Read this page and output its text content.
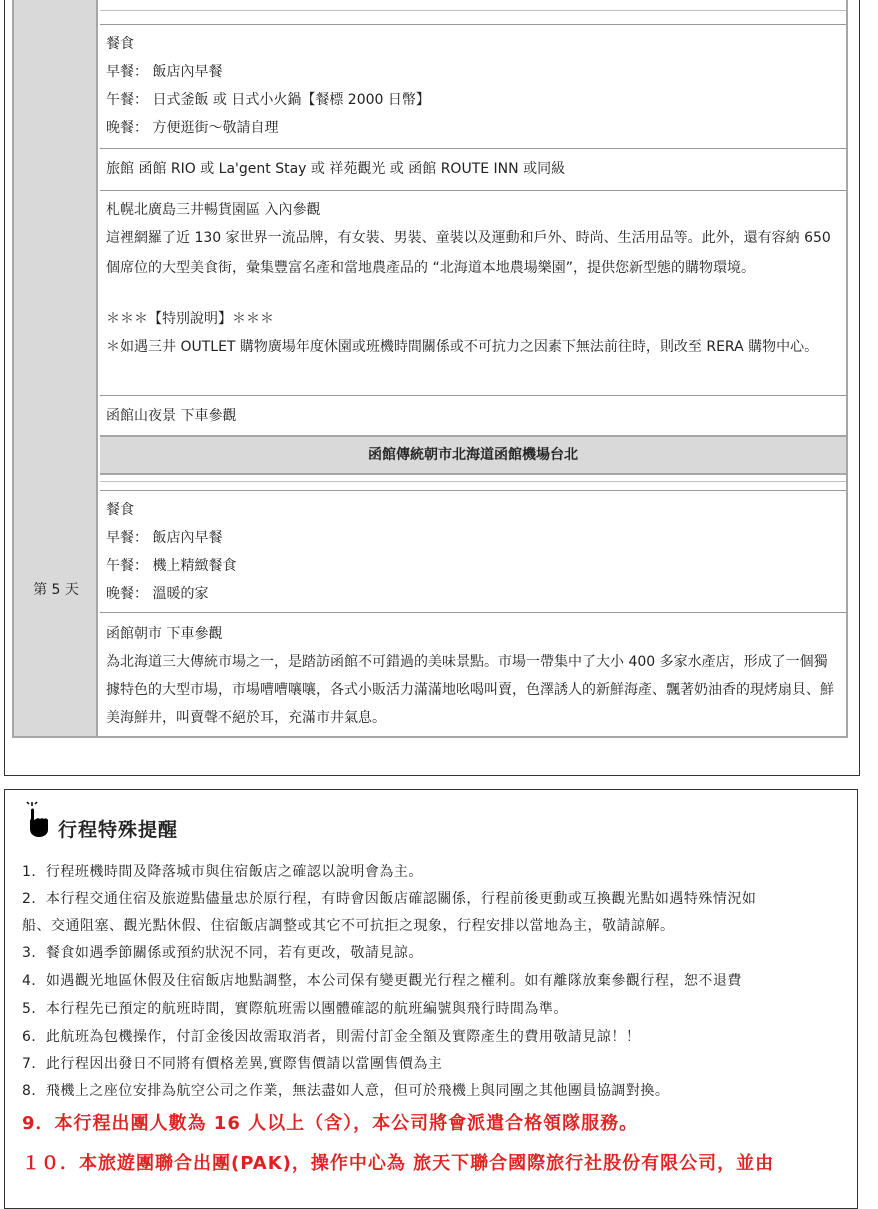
第 5 天
餐食
早餐： 飯店內早餐
午餐： 日式釜飯 或 日式小火鍋【餐標 2000 日幣】
晚餐： 方便逛街～敬請自理
旅館 函館 RIO 或 La'gent Stay 或 祥苑觀光 或 函館 ROUTE INN 或同級
札幌北廣島三井暢貨園區 入內參觀
這裡網羅了近 130 家世界一流品牌，有女裝、男裝、童裝以及運動和戶外、時尚、生活用品等。此外，還有容納 650 個席位的大型美食街，彙集豐富名產和當地農產品的 “北海道本地農場樂園”，提供您新型態的購物環境。
＊＊＊【特別說明】＊＊＊
＊如遇三井 OUTLET 購物廣場年度休園或班機時間關係或不可抗力之因素下無法前往時，則改至 RERA 購物中心。
函館山夜景 下車參觀
函館傳統朝市北海道函館機場台北
餐食
早餐： 飯店內早餐
午餐： 機上精緻餐食
晚餐： 溫暖的家
函館朝市 下車參觀
為北海道三大傳統市場之一，是踏訪函館不可錯過的美味景點。市場一帶集中了大小 400 多家水產店，形成了一個獨據特色的大型市場，市場嘈嘈嚷嚷，各式小販活力滿滿地吆喝叫賣，色澤誘人的新鮮海產、飄著奶油香的現烤扇貝、鮮美海鮮井，叫賣聲不絕於耳，充滿市井氣息。
行程特殊提醒
1．行程班機時間及降落城市與住宿飯店之確認以說明會為主。
2．本行程交通住宿及旅遊點儘量忠於原行程，有時會因飯店確認關係，行程前後更動或互換觀光點如遇特殊情況如
船、交通阻塞、觀光點休假、住宿飯店調整或其它不可抗拒之現象，行程安排以當地為主，敬請諒解。
3．餐食如遇季節關係或預約狀況不同，若有更改，敬請見諒。
4．如遇觀光地區休假及住宿飯店地點調整，本公司保有變更觀光行程之權利。如有離隊放棄參觀行程，恕不退費
5．本行程先已預定的航班時間，實際航班需以團體確認的航班編號與飛行時間為準。
6．此航班為包機操作，付訂金後因故需取消者，則需付訂金全額及實際產生的費用敬請見諒！！
7．此行程因出發日不同將有價格差異,實際售價請以當團售價為主
8．飛機上之座位安排為航空公司之作業，無法盡如人意，但可於飛機上與同團之其他團員協調對換。
9．本行程出團人數為 16 人以上（含），本公司將會派遣合格領隊服務。
１０．本旅遊團聯合出團(PAK)，操作中心為 旅天下聯合國際旅行社股份有限公司，並由
